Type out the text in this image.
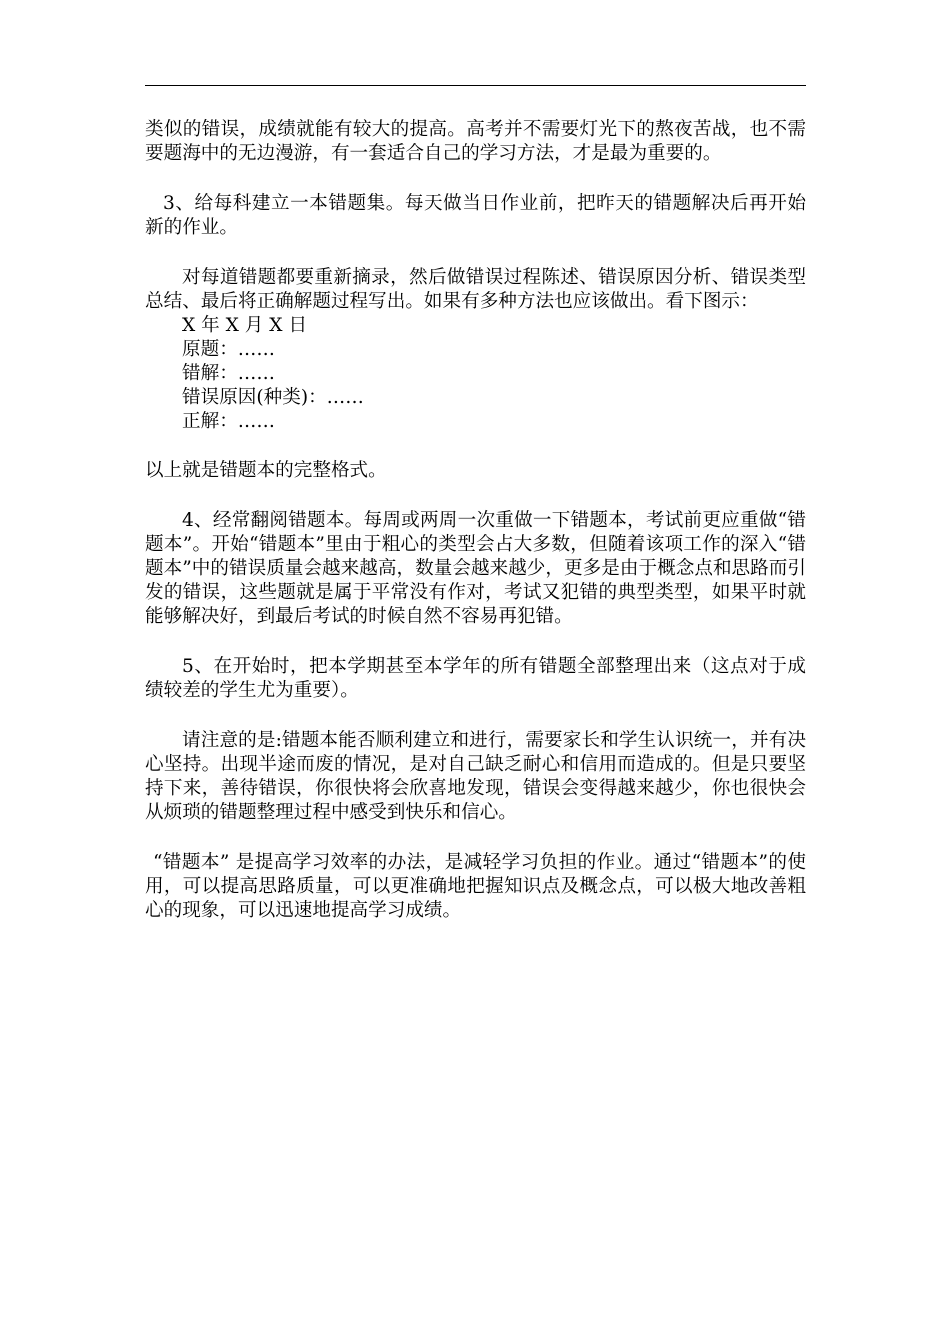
类似的错误，成绩就能有较大的提高。高考并不需要灯光下的熬夜苦战，也不需要题海中的无边漫游，有一套适合自己的学习方法，才是最为重要的。

3、给每科建立一本错题集。每天做当日作业前，把昨天的错题解决后再开始新的作业。

对每道错题都要重新摘录，然后做错误过程陈述、错误原因分析、错误类型总结、最后将正确解题过程写出。如果有多种方法也应该做出。看下图示：

X 年 X 月 X 日

原题：……

错解：……

错误原因(种类)：……

正解：……

以上就是错题本的完整格式。

4、经常翻阅错题本。每周或两周一次重做一下错题本，考试前更应重做“错题本”。开始“错题本”里由于粗心的类型会占大多数，但随着该项工作的深入“错题本”中的错误质量会越来越高，数量会越来越少，更多是由于概念点和思路而引发的错误，这些题就是属于平常没有作对，考试又犯错的典型类型，如果平时就能够解决好，到最后考试的时候自然不容易再犯错。

5、在开始时，把本学期甚至本学年的所有错题全部整理出来（这点对于成绩较差的学生尤为重要）。

请注意的是:错题本能否顺利建立和进行，需要家长和学生认识统一，并有决心坚持。出现半途而废的情况，是对自己缺乏耐心和信用而造成的。但是只要坚持下来，善待错误，你很快将会欣喜地发现，错误会变得越来越少，你也很快会从烦琐的错题整理过程中感受到快乐和信心。

“错题本” 是提高学习效率的办法，是减轻学习负担的作业。通过“错题本”的使用，可以提高思路质量，可以更准确地把握知识点及概念点，可以极大地改善粗心的现象，可以迅速地提高学习成绩。
